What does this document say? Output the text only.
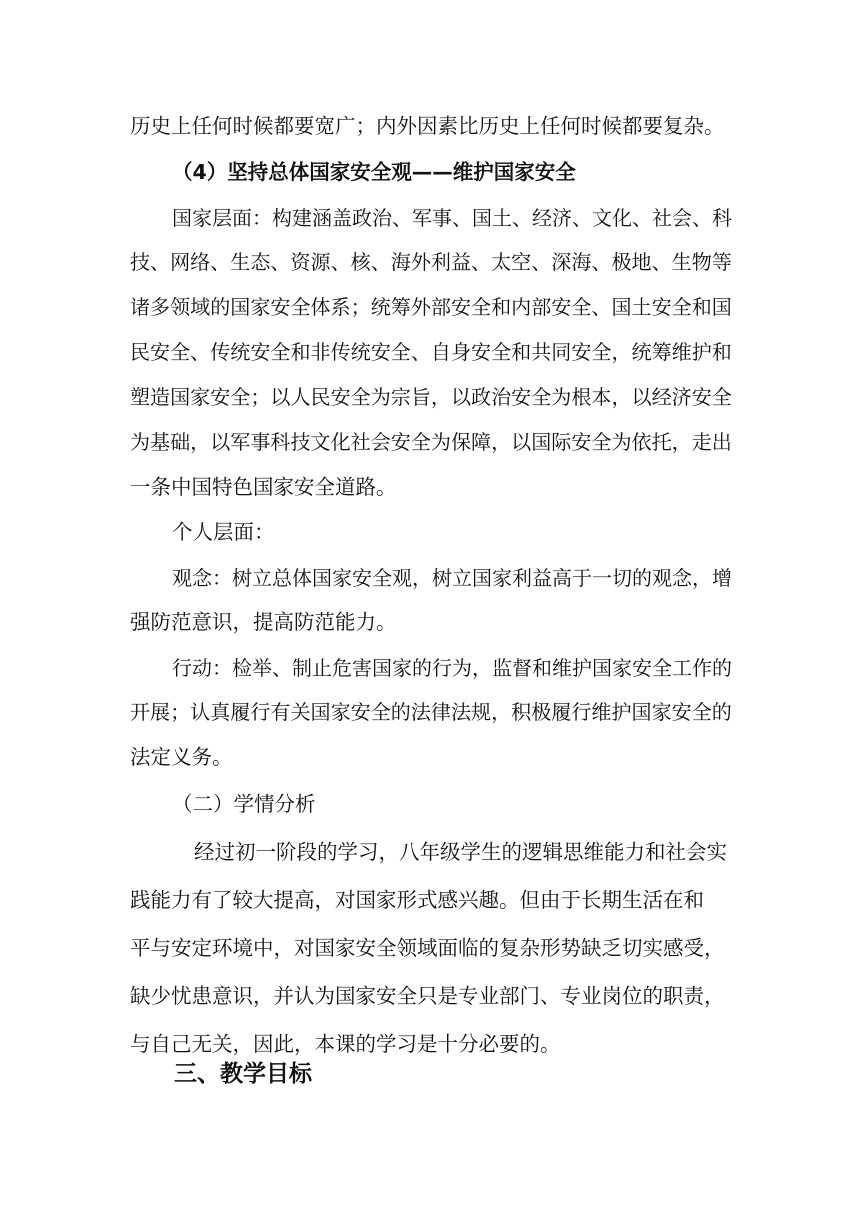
历史上任何时候都要宽广；内外因素比历史上任何时候都要复杂。
（4）坚持总体国家安全观——维护国家安全
国家层面：构建涵盖政治、军事、国土、经济、文化、社会、科
技、网络、生态、资源、核、海外利益、太空、深海、极地、生物等
诸多领域的国家安全体系；统筹外部安全和内部安全、国土安全和国
民安全、传统安全和非传统安全、自身安全和共同安全，统筹维护和
塑造国家安全；以人民安全为宗旨，以政治安全为根本，以经济安全
为基础，以军事科技文化社会安全为保障，以国际安全为依托，走出
一条中国特色国家安全道路。
个人层面：
观念：树立总体国家安全观，树立国家利益高于一切的观念，增
强防范意识，提高防范能力。
行动：检举、制止危害国家的行为，监督和维护国家安全工作的
开展；认真履行有关国家安全的法律法规，积极履行维护国家安全的
法定义务。
（二）学情分析
经过初一阶段的学习，八年级学生的逻辑思维能力和社会实
践能力有了较大提高，对国家形式感兴趣。但由于长期生活在和
平与安定环境中，对国家安全领域面临的复杂形势缺乏切实感受，
缺少忧患意识，并认为国家安全只是专业部门、专业岗位的职责，
与自己无关，因此，本课的学习是十分必要的。
三、教学目标
